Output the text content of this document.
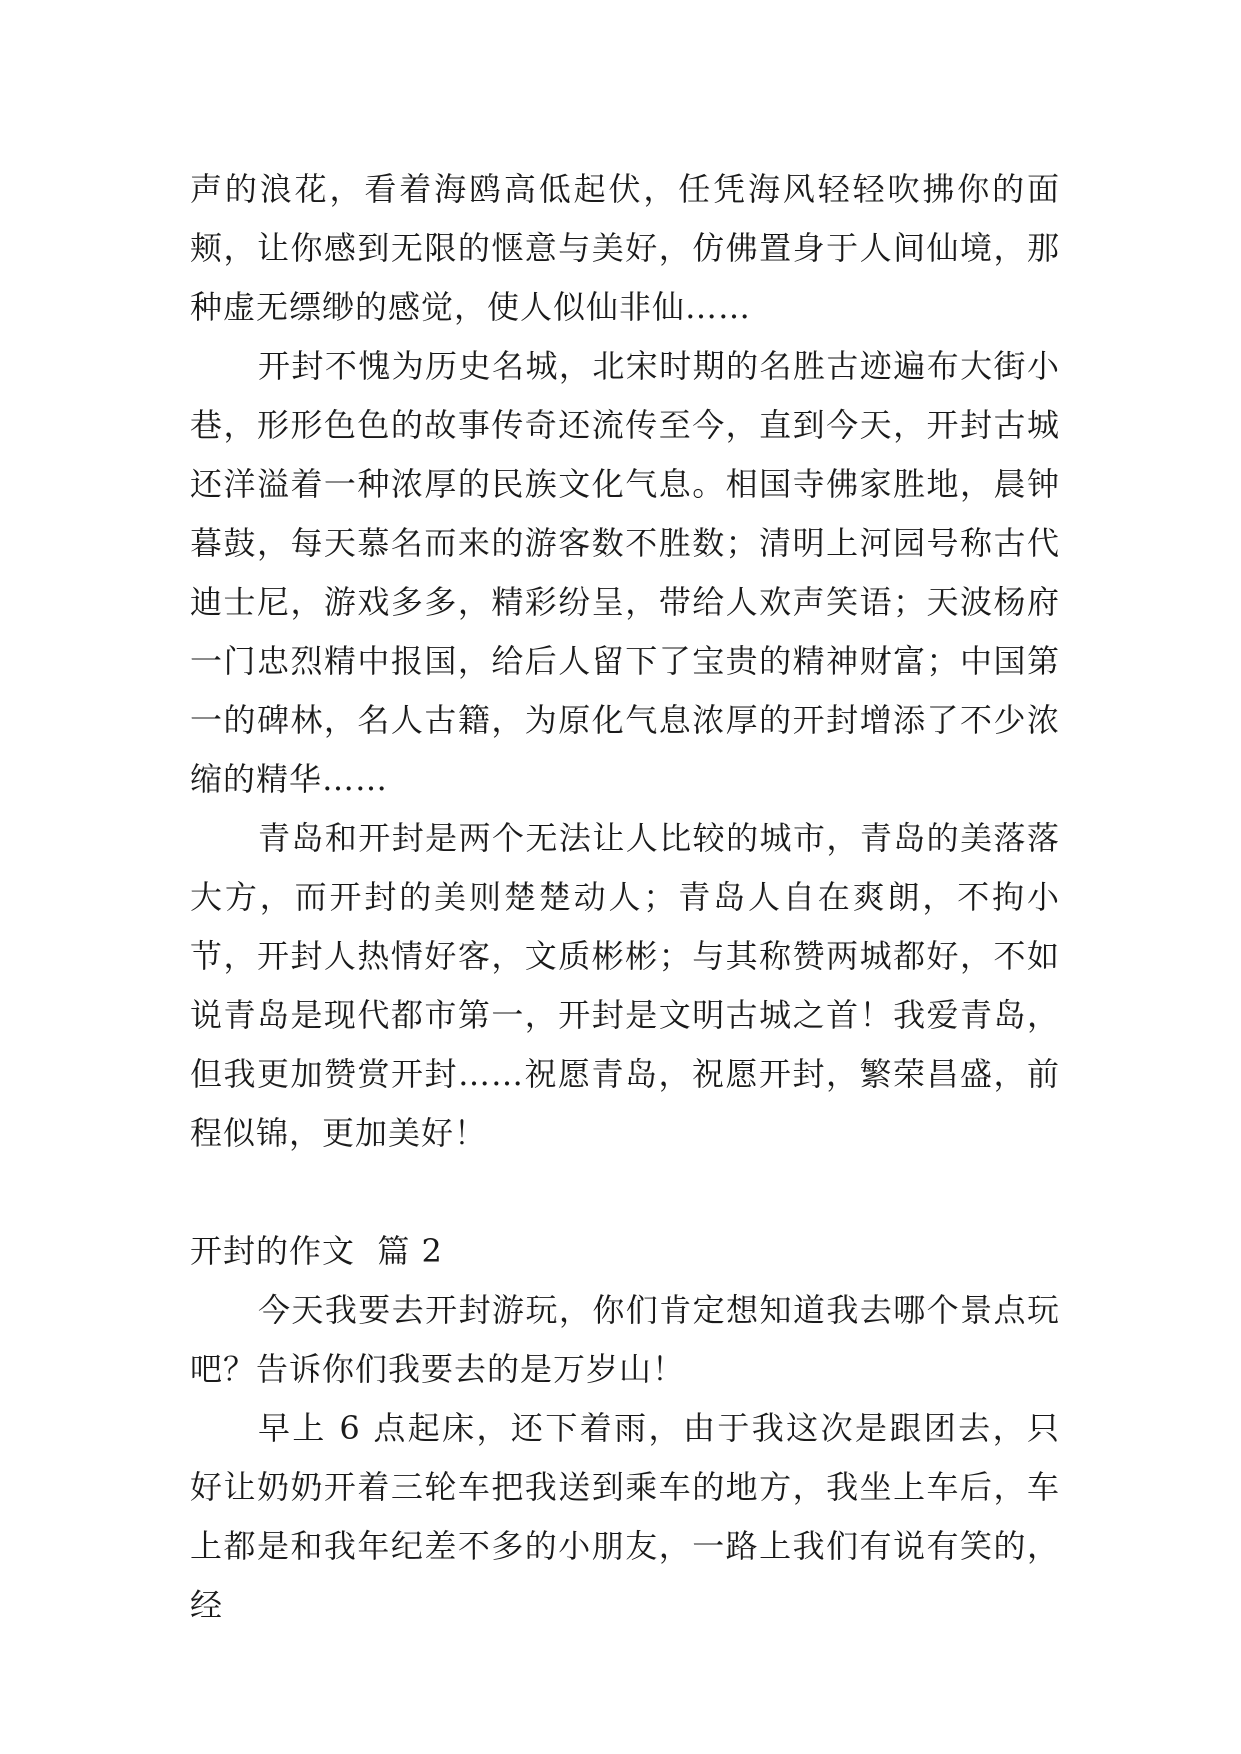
声的浪花，看着海鸥高低起伏，任凭海风轻轻吹拂你的面颊，让你感到无限的惬意与美好，仿佛置身于人间仙境，那种虚无缥缈的感觉，使人似仙非仙……

开封不愧为历史名城，北宋时期的名胜古迹遍布大街小巷，形形色色的故事传奇还流传至今，直到今天，开封古城还洋溢着一种浓厚的民族文化气息。相国寺佛家胜地，晨钟暮鼓，每天慕名而来的游客数不胜数；清明上河园号称古代迪士尼，游戏多多，精彩纷呈，带给人欢声笑语；天波杨府一门忠烈精中报国，给后人留下了宝贵的精神财富；中国第一的碑林，名人古籍，为原化气息浓厚的开封增添了不少浓缩的精华……

青岛和开封是两个无法让人比较的城市，青岛的美落落大方，而开封的美则楚楚动人；青岛人自在爽朗，不拘小节，开封人热情好客，文质彬彬；与其称赞两城都好，不如说青岛是现代都市第一，开封是文明古城之首！我爱青岛，但我更加赞赏开封……祝愿青岛，祝愿开封，繁荣昌盛，前程似锦，更加美好！

开封的作文  篇 2

今天我要去开封游玩，你们肯定想知道我去哪个景点玩吧？告诉你们我要去的是万岁山！

早上 6 点起床，还下着雨，由于我这次是跟团去，只好让奶奶开着三轮车把我送到乘车的地方，我坐上车后，车上都是和我年纪差不多的小朋友，一路上我们有说有笑的，经
